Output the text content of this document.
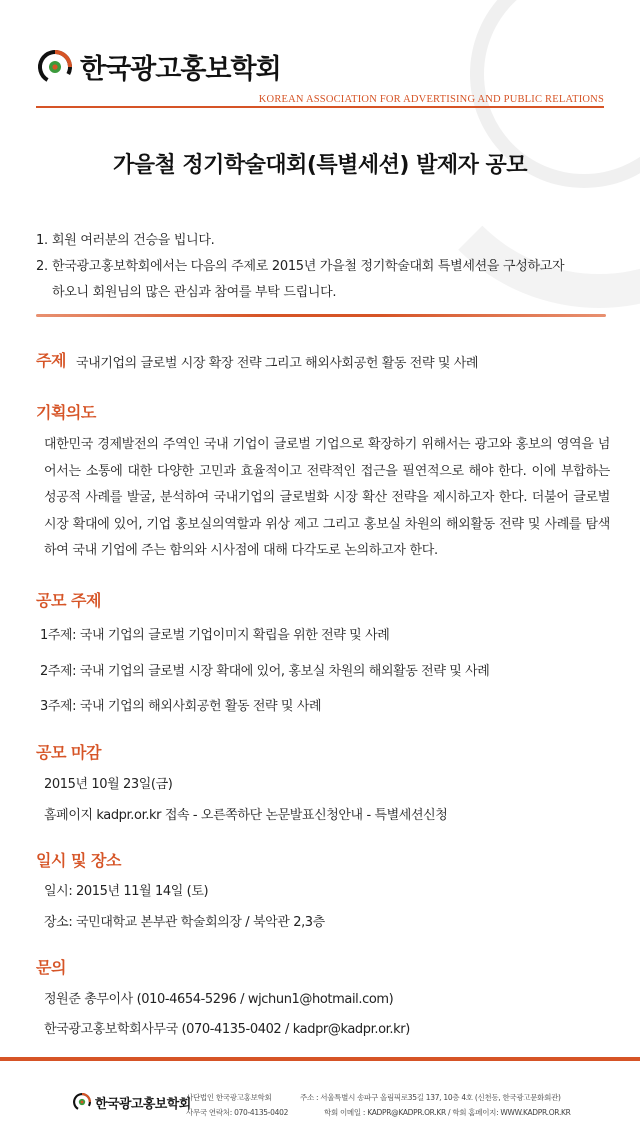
한국광고홍보학회
KOREAN ASSOCIATION FOR ADVERTISING AND PUBLIC RELATIONS
가을철 정기학술대회(특별세션) 발제자 공모
1. 회원 여러분의 건승을 빕니다.
2. 한국광고홍보학회에서는 다음의 주제로 2015년 가을철 정기학술대회 특별세션을 구성하고자
하오니 회원님의 많은 관심과 참여를 부탁 드립니다.
주제 국내기업의 글로벌 시장 확장 전략 그리고 해외사회공헌 활동 전략 및 사례
기획의도
대한민국 경제발전의 주역인 국내 기업이 글로벌 기업으로 확장하기 위해서는 광고와 홍보의 영역을 넘어서는 소통에 대한 다양한 고민과 효율적이고 전략적인 접근을 필연적으로 해야 한다. 이에 부합하는 성공적 사례를 발굴, 분석하여 국내기업의 글로벌화 시장 확산 전략을 제시하고자 한다. 더불어 글로벌 시장 확대에 있어, 기업 홍보실의역할과 위상 제고 그리고 홍보실 차원의 해외활동 전략 및 사례를 탐색하여 국내 기업에 주는 함의와 시사점에 대해 다각도로 논의하고자 한다.
공모 주제
1주제: 국내 기업의 글로벌 기업이미지 확립을 위한 전략 및 사례
2주제: 국내 기업의 글로벌 시장 확대에 있어, 홍보실 차원의 해외활동 전략 및 사례
3주제: 국내 기업의 해외사회공헌 활동 전략 및 사례
공모 마감
2015년 10월 23일(금)
홈페이지 kadpr.or.kr 접속 - 오른쪽하단 논문발표신청안내 - 특별세션신청
일시 및 장소
일시: 2015년 11월 14일 (토)
장소: 국민대학교 본부관 학술회의장 / 북악관 2,3층
문의
정원준 총무이사 (010-4654-5296 / wjchun1@hotmail.com)
한국광고홍보학회사무국 (070-4135-0402 / kadpr@kadpr.or.kr)
한국광고홍보학회
사단법인 한국광고홍보학회
사무국 연락처: 070-4135-0402
주소 : 서울특별시 송파구 올림픽로35길 137, 10층 4호 (신천동, 한국광고문화회관)
학회 이메일 : KADPR@KADPR.OR.KR / 학회 홈페이지: WWW.KADPR.OR.KR
